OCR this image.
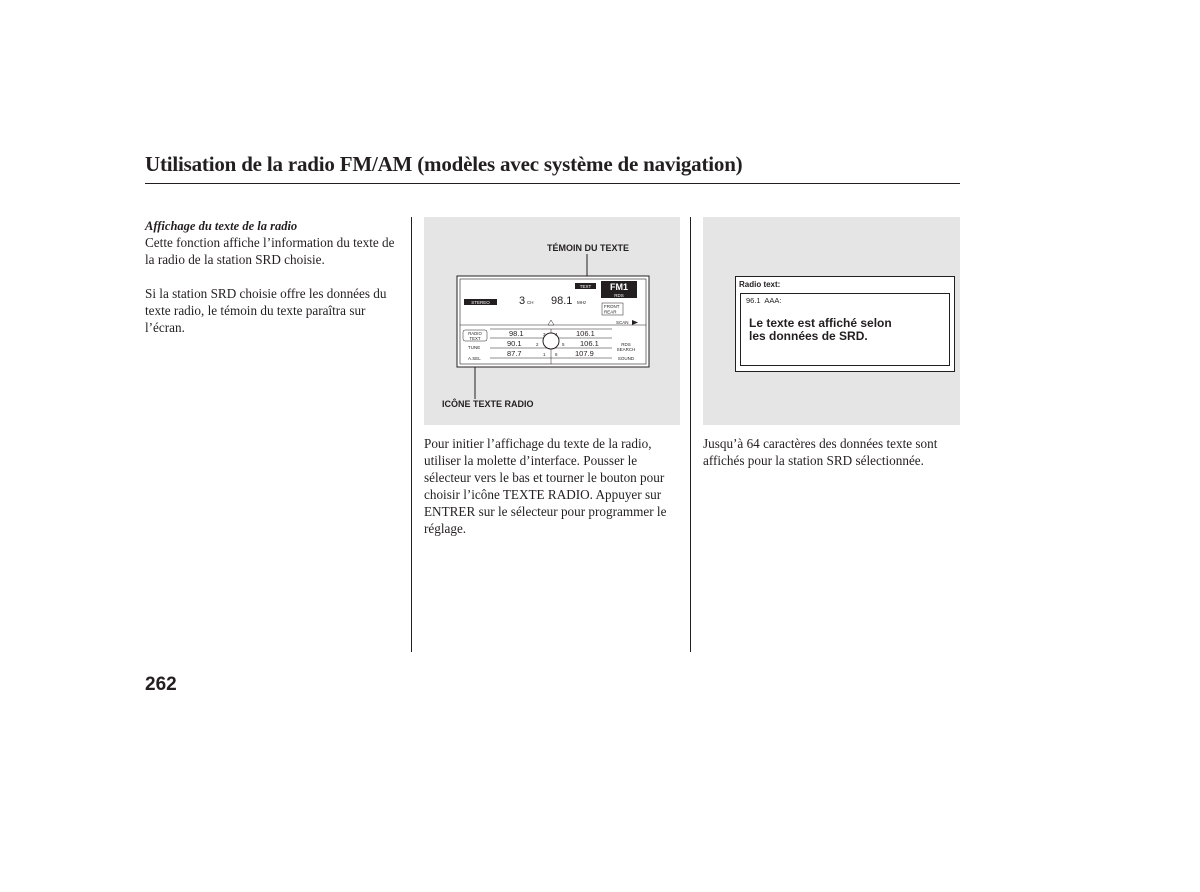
Utilisation de la radio FM/AM (modèles avec système de navigation)
Affichage du texte de la radio
Cette fonction affiche l’information du texte de la radio de la station SRD choisie.
Si la station SRD choisie offre les données du texte radio, le témoin du texte paraîtra sur l’écran.
TÉMOIN DU TEXTE
ICÔNE TEXTE RADIO
TEXT FM1
RDS
STEREO	3 CH 98.1 MHz
FRONT
REAR
SCAN
RADIO
TEXT
TUNE
A.SEL
RDS
SEARCH
SOUND
98.1	3
90.1	2
87.7	1
4 106.1
5 106.1
6 107.9
Radio text:
96.1  AAA:
Le texte est affiché selon
les données de SRD.
Pour initier l’affichage du texte de la radio, utiliser la molette d’interface. Pousser le sélecteur vers le bas et tourner le bouton pour choisir l’icône TEXTE RADIO. Appuyer sur ENTRER sur le sélecteur pour programmer le réglage.
Jusqu’à 64 caractères des données texte sont affichés pour la station SRD sélectionnée.
262
